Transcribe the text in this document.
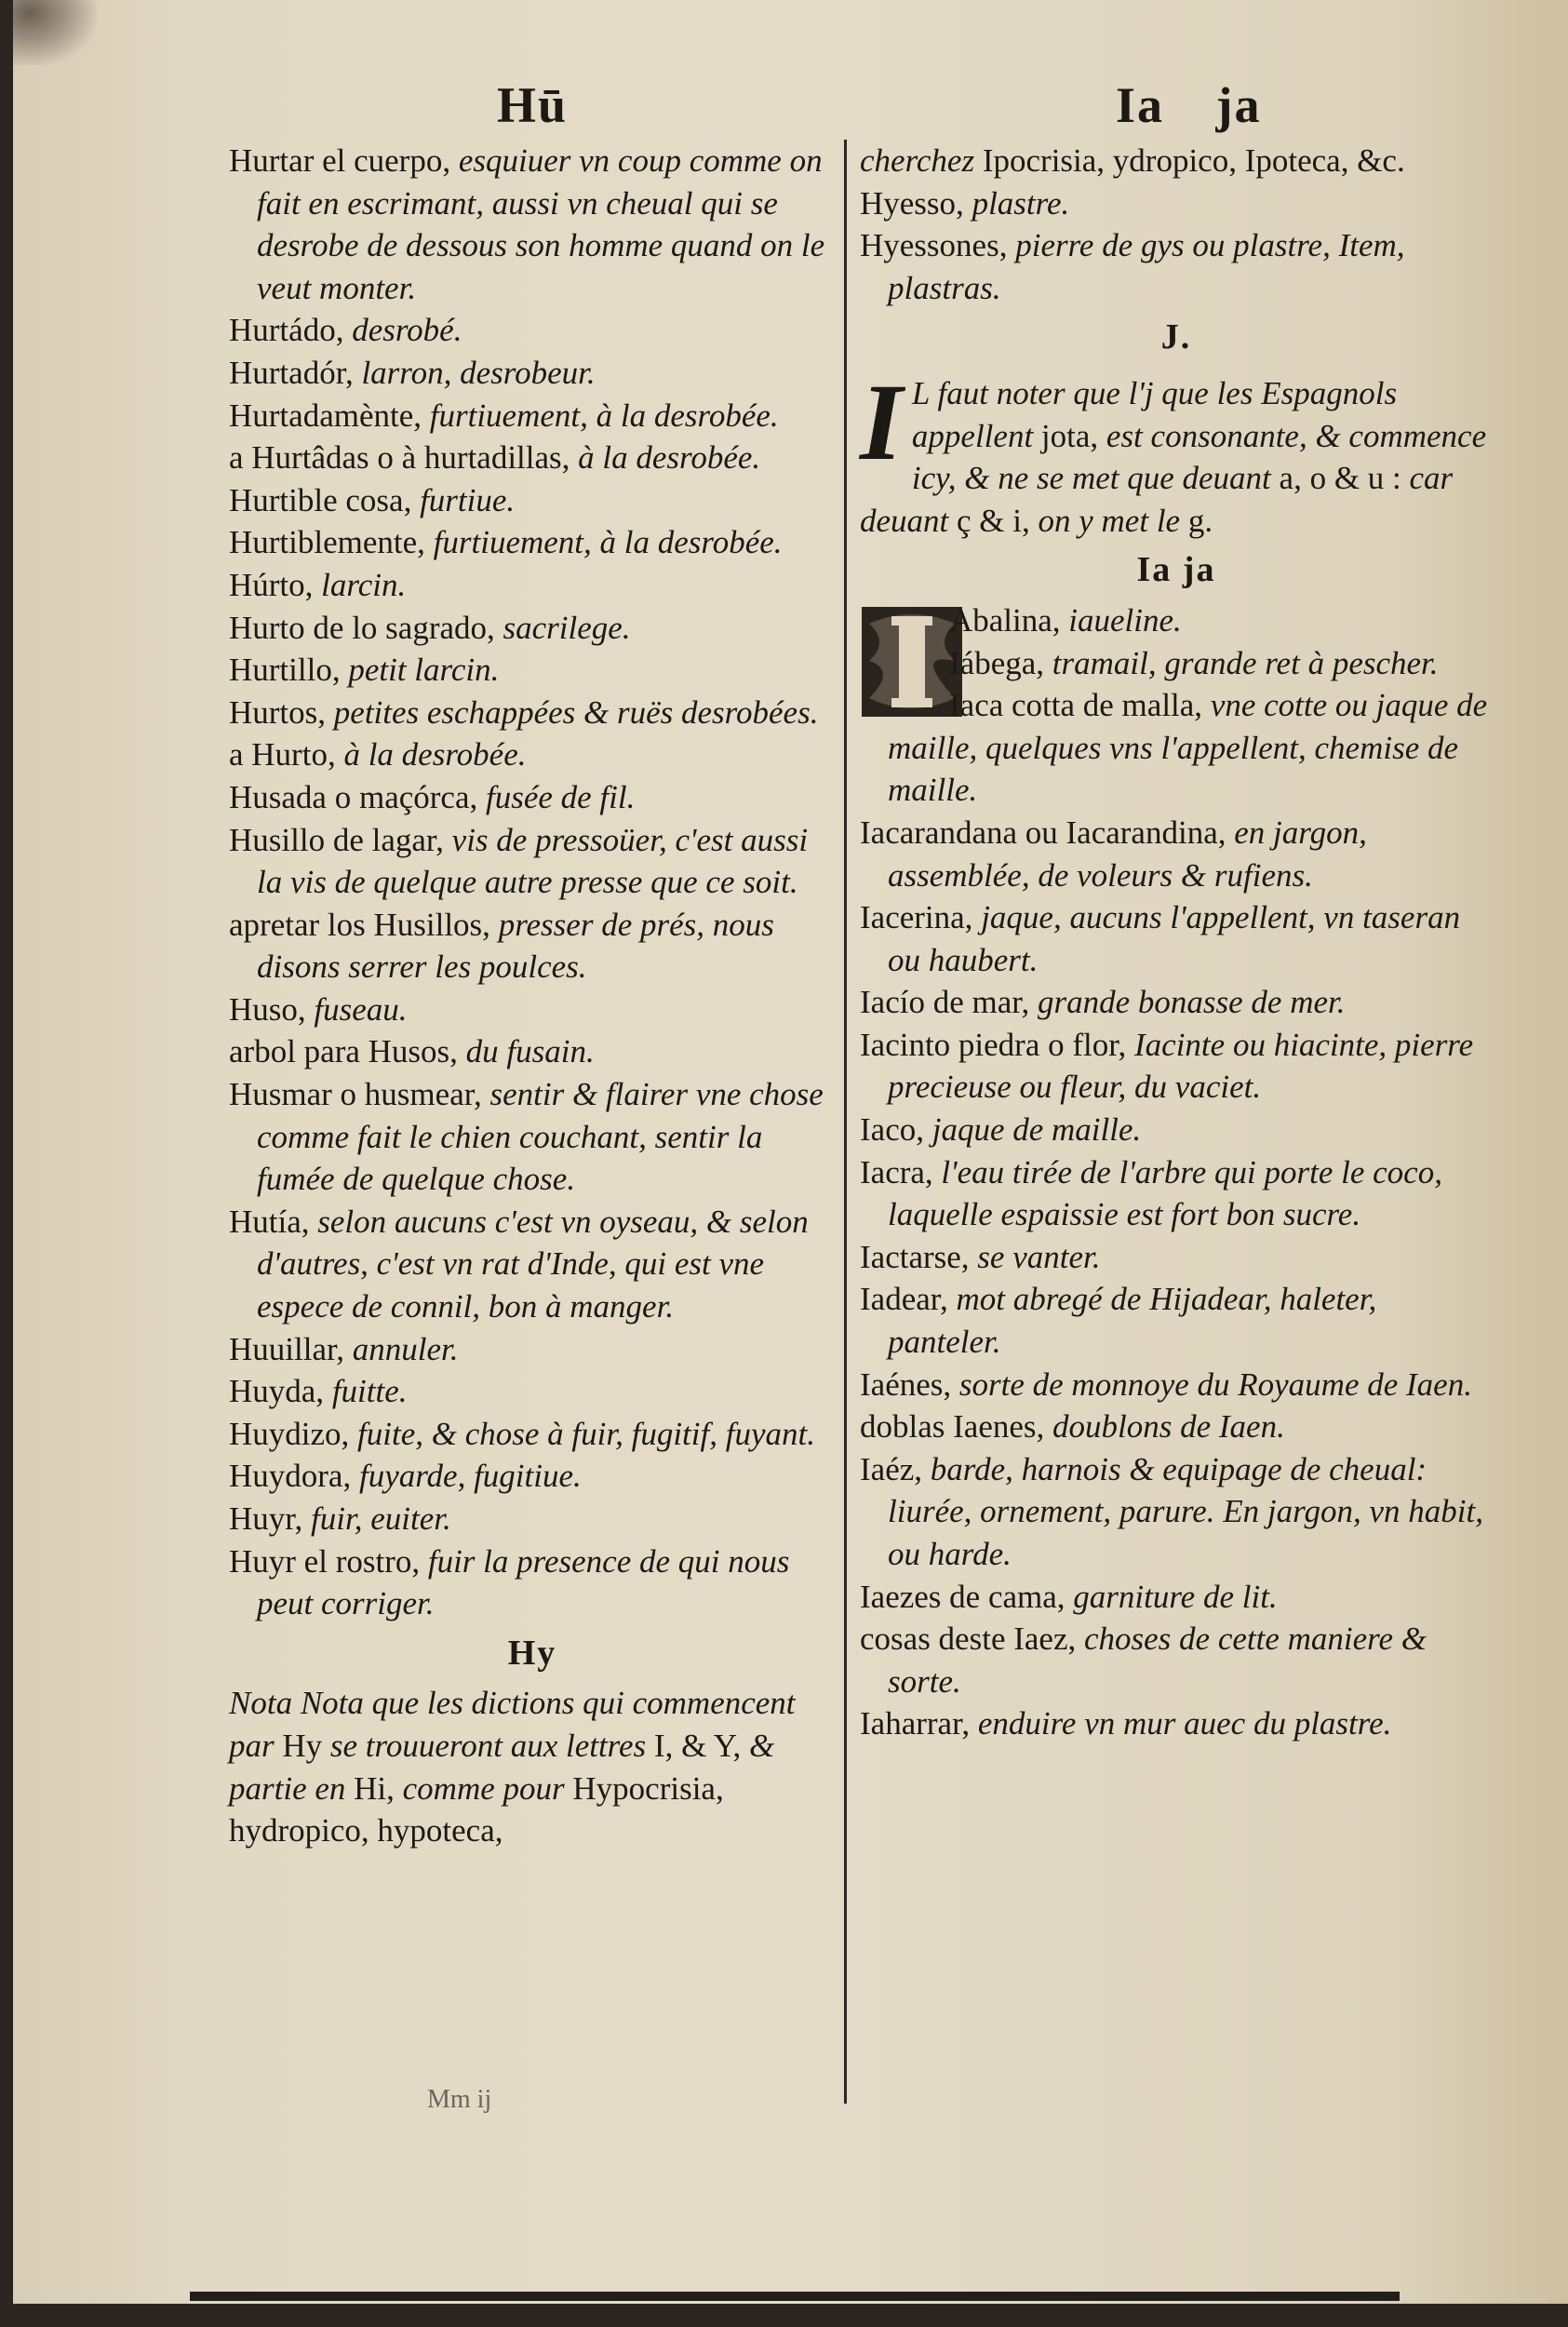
Hū	Ia ja

Hurtar el cuerpo, esquiuer vn coup comme on fait en escrimant, aussi vn cheual qui se desrobe de dessous son homme quand on le veut monter.

Hurtádo, desrobé.

Hurtadór, larron, desrobeur.

Hurtadamènte, furtiuement, à la desrobée.

a Hurtâdas o à hurtadillas, à la desrobée.

Hurtible cosa, furtiue.

Hurtiblemente, furtiuement, à la desrobée.

Húrto, larcin.

Hurto de lo sagrado, sacrilege.

Hurtillo, petit larcin.

Hurtos, petites eschappées & ruës desrobées.

a Hurto, à la desrobée.

Husada o maçórca, fusée de fil.

Husillo de lagar, vis de pressoüer, c'est aussi la vis de quelque autre presse que ce soit.

apretar los Husillos, presser de prés, nous disons serrer les poulces.

Huso, fuseau.

arbol para Husos, du fusain.

Husmar o husmear, sentir & flairer vne chose comme fait le chien couchant, sentir la fumée de quelque chose.

Hutía, selon aucuns c'est vn oyseau, & selon d'autres, c'est vn rat d'Inde, qui est vne espece de connil, bon à manger.

Huuillar, annuler.

Huyda, fuitte.

Huydizo, fuite, & chose à fuir, fugitif, fuyant.

Huydora, fuyarde, fugitiue.

Huyr, fuir, euiter.

Huyr el rostro, fuir la presence de qui nous peut corriger.

Hy

Nota Nota que les dictions qui commencent par Hy se trouueront aux lettres I, & Y, & partie en Hi, comme pour Hypocrisia, hydropico, hypoteca,

cherchez Ipocrisia, ydropico, Ipoteca, &c.

Hyesso, plastre.

Hyessones, pierre de gys ou plastre, Item, plastras.

J.
I L faut noter que l'j que les Espagnols appellent jota, est consonante, & commence icy, & ne se met que deuant a, o & u : car deuant ç & i, on y met le g.
Ia ja

Abalina, iaueline.

Iábega, tramail, grande ret à pescher.

Iaca cotta de malla, vne cotte ou jaque de maille, quelques vns l'appellent, chemise de maille.

Iacarandana ou Iacarandina, en jargon, assemblée, de voleurs & rufiens.

Iacerina, jaque, aucuns l'appellent, vn taseran ou haubert.

Iacío de mar, grande bonasse de mer.

Iacinto piedra o flor, Iacinte ou hiacinte, pierre precieuse ou fleur, du vaciet.

Iaco, jaque de maille.

Iacra, l'eau tirée de l'arbre qui porte le coco, laquelle espaissie est fort bon sucre.

Iactarse, se vanter.

Iadear, mot abregé de Hijadear, haleter, panteler.

Iaénes, sorte de monnoye du Royaume de Iaen.

doblas Iaenes, doublons de Iaen.

Iaéz, barde, harnois & equipage de cheual: liurée, ornement, parure. En jargon, vn habit, ou harde.

Iaezes de cama, garniture de lit.

cosas deste Iaez, choses de cette maniere & sorte.

Iaharrar, enduire vn mur auec du plastre.

Mm ij
